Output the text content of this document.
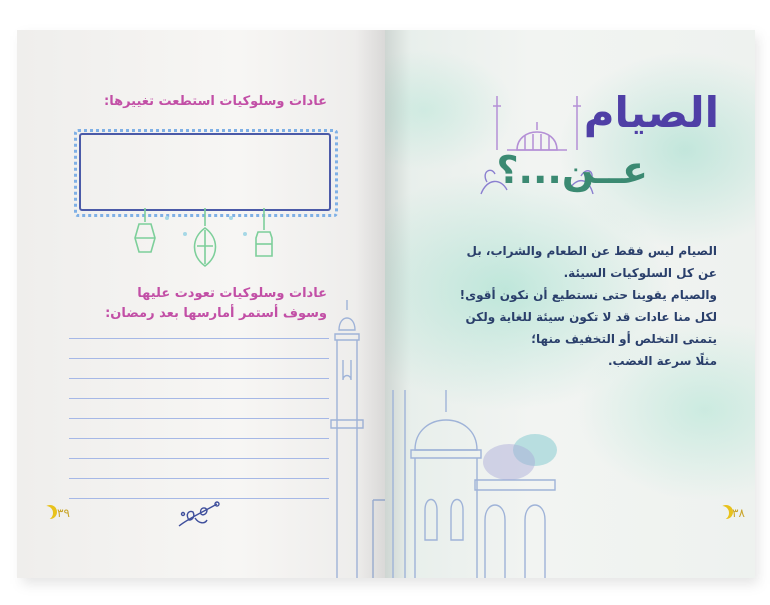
عادات وسلوكيات استطعت تغييرها:
عادات وسلوكيات تعودت عليها
وسوف أستمر أمارسها بعد رمضان:
٣٩
الصيام
عــن...؟
الصيام ليس فقط عن الطعام والشراب، بل
عن كل السلوكيات السيئة.
والصيام يقوينا حتى نستطيع أن نكون أقوى!
لكل منا عادات قد لا تكون سيئة للغاية ولكن
يتمنى التخلص أو التخفيف منها؛
مثلًا سرعة الغضب.
٣٨
